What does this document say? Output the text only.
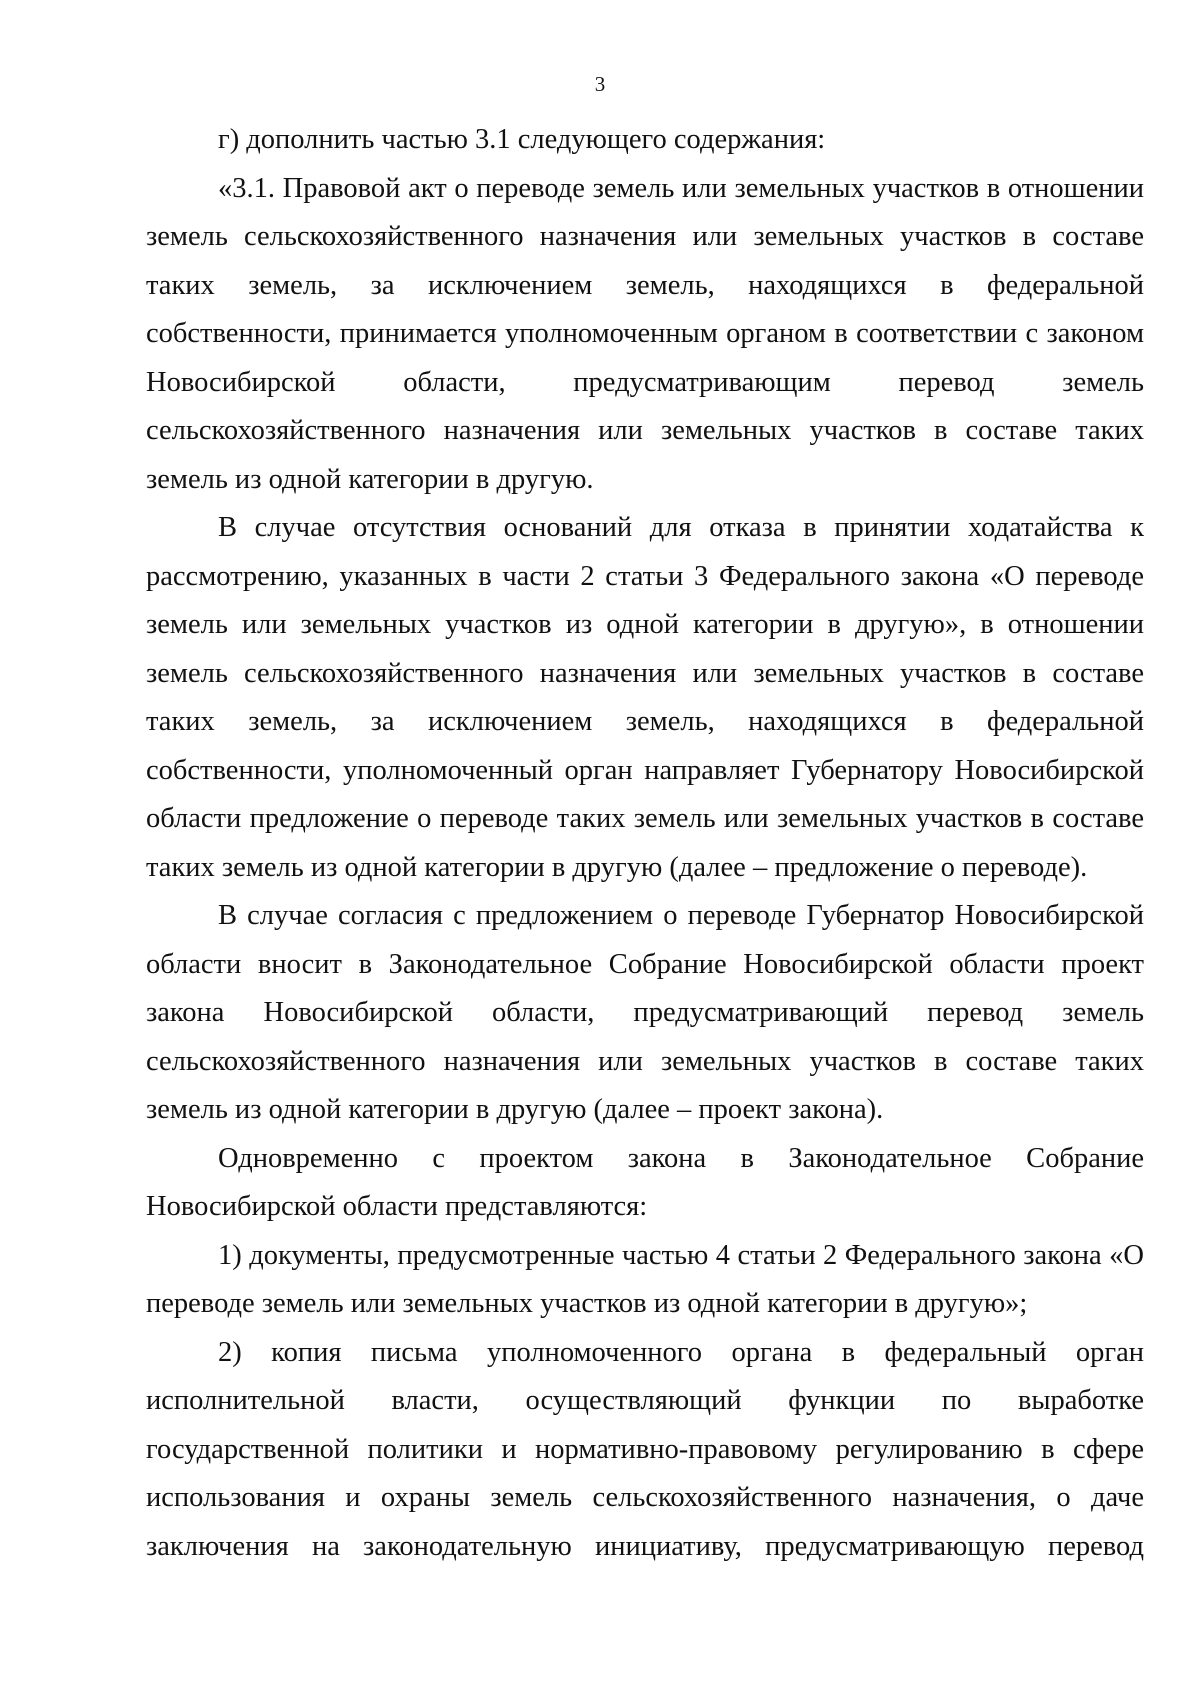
3

г) дополнить частью 3.1 следующего содержания:

«3.1. Правовой акт о переводе земель или земельных участков в отношении земель сельскохозяйственного назначения или земельных участков в составе таких земель, за исключением земель, находящихся в федеральной собственности, принимается уполномоченным органом в соответствии с законом Новосибирской области, предусматривающим перевод земель сельскохозяйственного назначения или земельных участков в составе таких земель из одной категории в другую.

В случае отсутствия оснований для отказа в принятии ходатайства к рассмотрению, указанных в части 2 статьи 3 Федерального закона «О переводе земель или земельных участков из одной категории в другую», в отношении земель сельскохозяйственного назначения или земельных участков в составе таких земель, за исключением земель, находящихся в федеральной собственности, уполномоченный орган направляет Губернатору Новосибирской области предложение о переводе таких земель или земельных участков в составе таких земель из одной категории в другую (далее – предложение о переводе).

В случае согласия с предложением о переводе Губернатор Новосибирской области вносит в Законодательное Собрание Новосибирской области проект закона Новосибирской области, предусматривающий перевод земель сельскохозяйственного назначения или земельных участков в составе таких земель из одной категории в другую (далее – проект закона).

Одновременно с проектом закона в Законодательное Собрание Новосибирской области представляются:

1) документы, предусмотренные частью 4 статьи 2 Федерального закона «О переводе земель или земельных участков из одной категории в другую»;

2) копия письма уполномоченного органа в федеральный орган исполнительной власти, осуществляющий функции по выработке государственной политики и нормативно-правовому регулированию в сфере использования и охраны земель сельскохозяйственного назначения, о даче заключения на законодательную инициативу, предусматривающую перевод
